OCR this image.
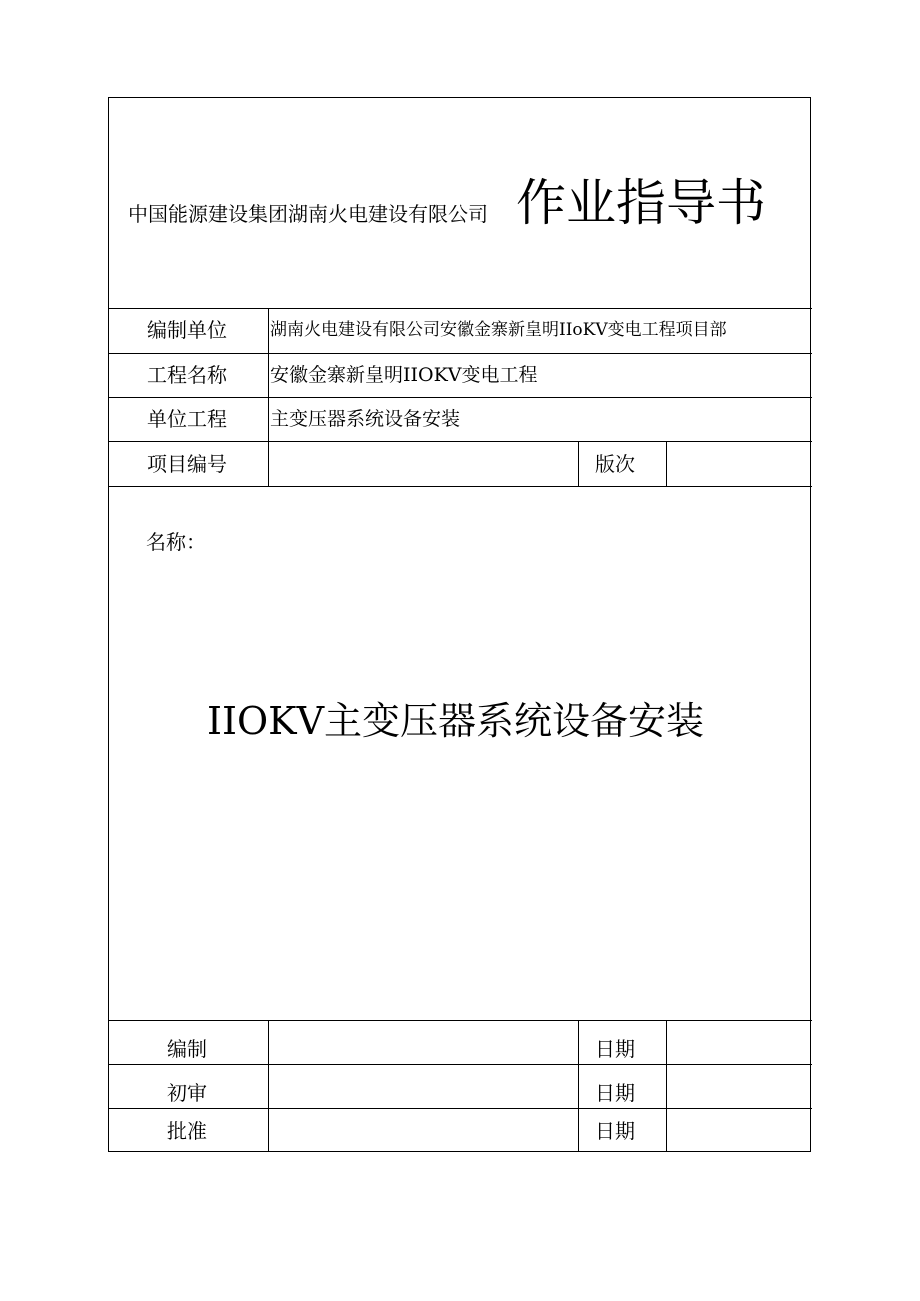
中国能源建设集团湖南火电建设有限公司 作业指导书
编制单位	湖南火电建设有限公司安徽金寨新皇明IIoKV变电工程项目部
工程名称 安徽金寨新皇明IIOKV变电工程
单位工程 主变压器系统设备安装
项目编号	版次
名称：
IIOKV主变压器系统设备安装
编制	日期
初审	日期
批准	日期
